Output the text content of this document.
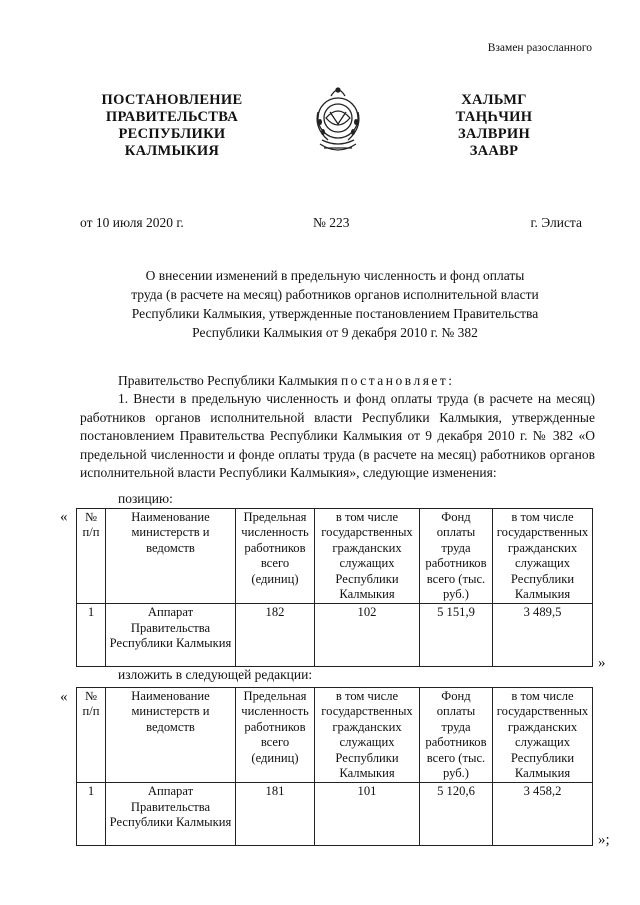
Взамен разосланного
ПОСТАНОВЛЕНИЕ
ПРАВИТЕЛЬСТВА
РЕСПУБЛИКИ
КАЛМЫКИЯ
ХАЛЬМГ
ТАҢҺЧИН
ЗАЛВРИН
ЗААВР
от 10 июля 2020 г.	№ 223	г. Элиста
О внесении изменений в предельную численность и фонд оплаты
труда (в расчете на месяц) работников органов исполнительной власти
Республики Калмыкия, утвержденные постановлением Правительства
Республики Калмыкия от 9 декабря 2010 г. № 382
Правительство Республики Калмыкия постановляет:
1. Внести в предельную численность и фонд оплаты труда (в расчете на месяц) работников органов исполнительной власти Республики Калмыкия, утвержденные постановлением Правительства Республики Калмыкия от 9 декабря 2010 г. № 382 «О предельной численности и фонде оплаты труда (в расчете на месяц) работников органов исполнительной власти Республики Калмыкия», следующие изменения:
позицию:
« № п/п	Наименование министерств и ведомств	Предельная численность работников всего (единиц)	в том числе государственных гражданских служащих Республики Калмыкия	Фонд оплаты труда работников всего (тыс. руб.)	в том числе государственных гражданских служащих Республики Калмыкия
1	Аппарат Правительства Республики Калмыкия	182	102	5 151,9	3 489,5
»
изложить в следующей редакции:
« № п/п	Наименование министерств и ведомств	Предельная численность работников всего (единиц)	в том числе государственных гражданских служащих Республики Калмыкия	Фонд оплаты труда работников всего (тыс. руб.)	в том числе государственных гражданских служащих Республики Калмыкия
1	Аппарат Правительства Республики Калмыкия	181	101	5 120,6	3 458,2
»;
